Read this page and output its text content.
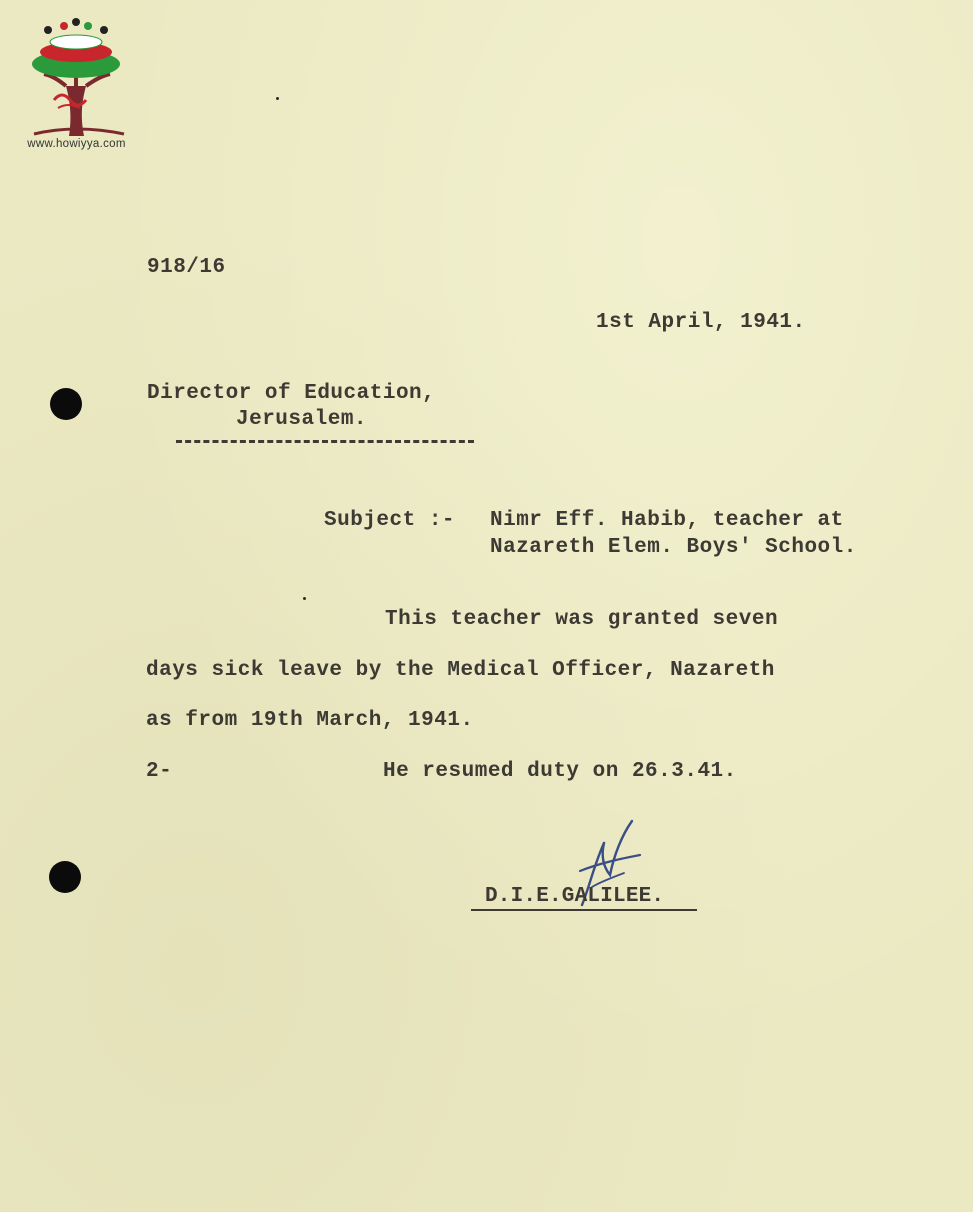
www.howiyya.com
918/16
1st April, 1941.
Director of Education,
Jerusalem.
Subject :- Nimr Eff. Habib, teacher at
Nazareth Elem. Boys' School.
This teacher was granted seven
days sick leave by the Medical Officer, Nazareth
as from 19th March, 1941.
2-	He resumed duty on 26.3.41.
D.I.E.GALILEE.
